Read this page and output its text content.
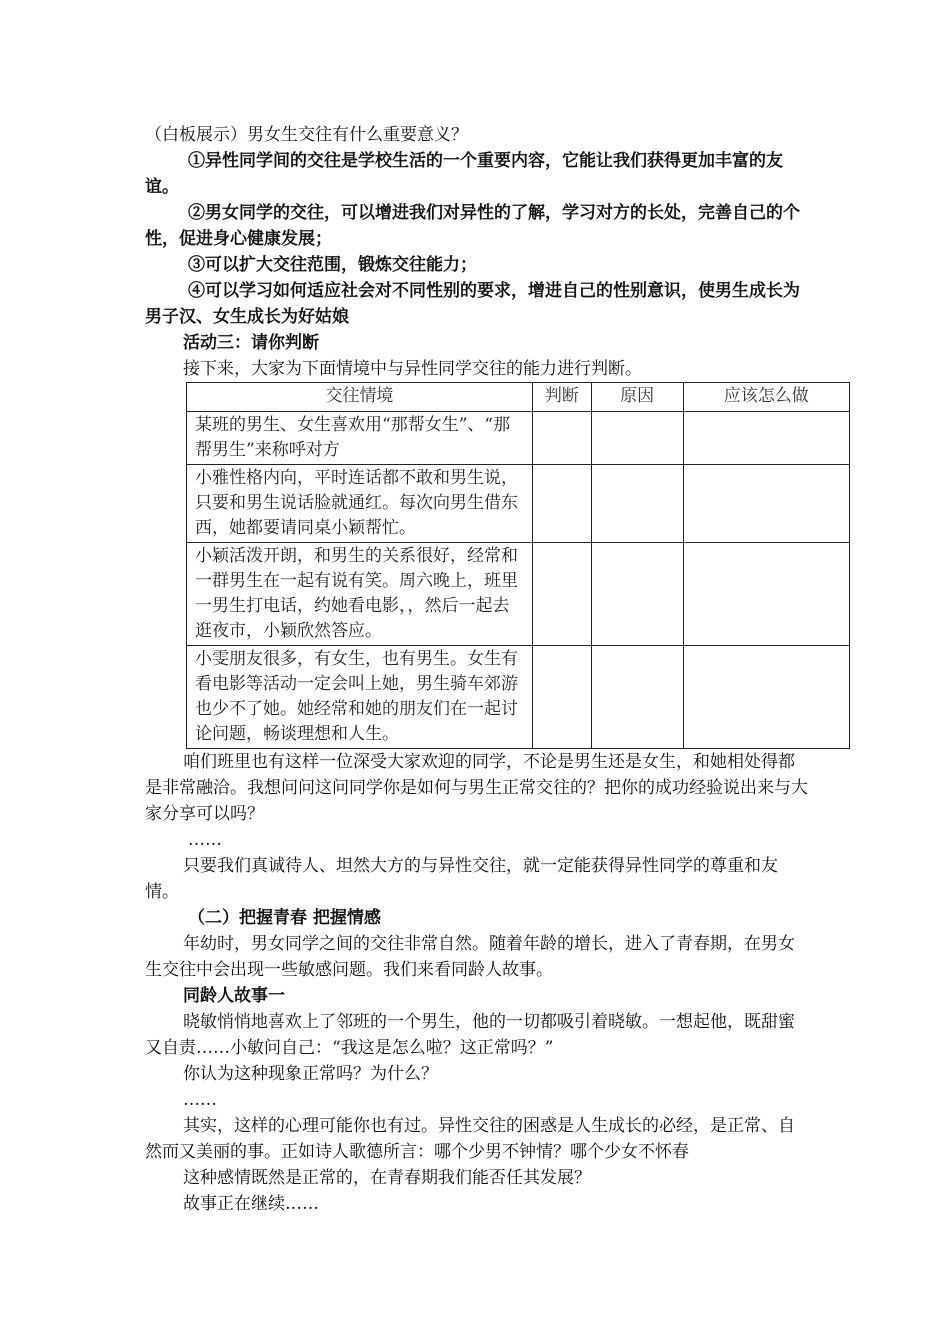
（白板展示）男女生交往有什么重要意义？

①异性同学间的交往是学校生活的一个重要内容，它能让我们获得更加丰富的友谊。

②男女同学的交往，可以增进我们对异性的了解，学习对方的长处，完善自己的个性，促进身心健康发展；

③可以扩大交往范围，锻炼交往能力；

④可以学习如何适应社会对不同性别的要求，增进自己的性别意识，使男生成长为男子汉、女生成长为好姑娘

活动三：请你判断

接下来，大家为下面情境中与异性同学交往的能力进行判断。

交往情境	判断	原因	应该怎么做
某班的男生、女生喜欢用“那帮女生”、“那帮男生”来称呼对方			
小雅性格内向，平时连话都不敢和男生说，只要和男生说话脸就通红。每次向男生借东西，她都要请同桌小颖帮忙。			
小颖活泼开朗，和男生的关系很好，经常和一群男生在一起有说有笑。周六晚上，班里一男生打电话，约她看电影，，然后一起去逛夜市，小颖欣然答应。			
小雯朋友很多，有女生，也有男生。女生有看电影等活动一定会叫上她，男生骑车郊游也少不了她。她经常和她的朋友们在一起讨论问题，畅谈理想和人生。			

咱们班里也有这样一位深受大家欢迎的同学，不论是男生还是女生，和她相处得都是非常融洽。我想问问这问同学你是如何与男生正常交往的？把你的成功经验说出来与大家分享可以吗？

……

只要我们真诚待人、坦然大方的与异性交往，就一定能获得异性同学的尊重和友情。

（二）把握青春 把握情感

年幼时，男女同学之间的交往非常自然。随着年龄的增长，进入了青春期，在男女生交往中会出现一些敏感问题。我们来看同龄人故事。

同龄人故事一

晓敏悄悄地喜欢上了邻班的一个男生，他的一切都吸引着晓敏。一想起他，既甜蜜又自责……小敏问自己：“我这是怎么啦？这正常吗？”

你认为这种现象正常吗？为什么？

……

其实，这样的心理可能你也有过。异性交往的困惑是人生成长的必经，是正常、自然而又美丽的事。正如诗人歌德所言：哪个少男不钟情？哪个少女不怀春

这种感情既然是正常的，在青春期我们能否任其发展？

故事正在继续……
